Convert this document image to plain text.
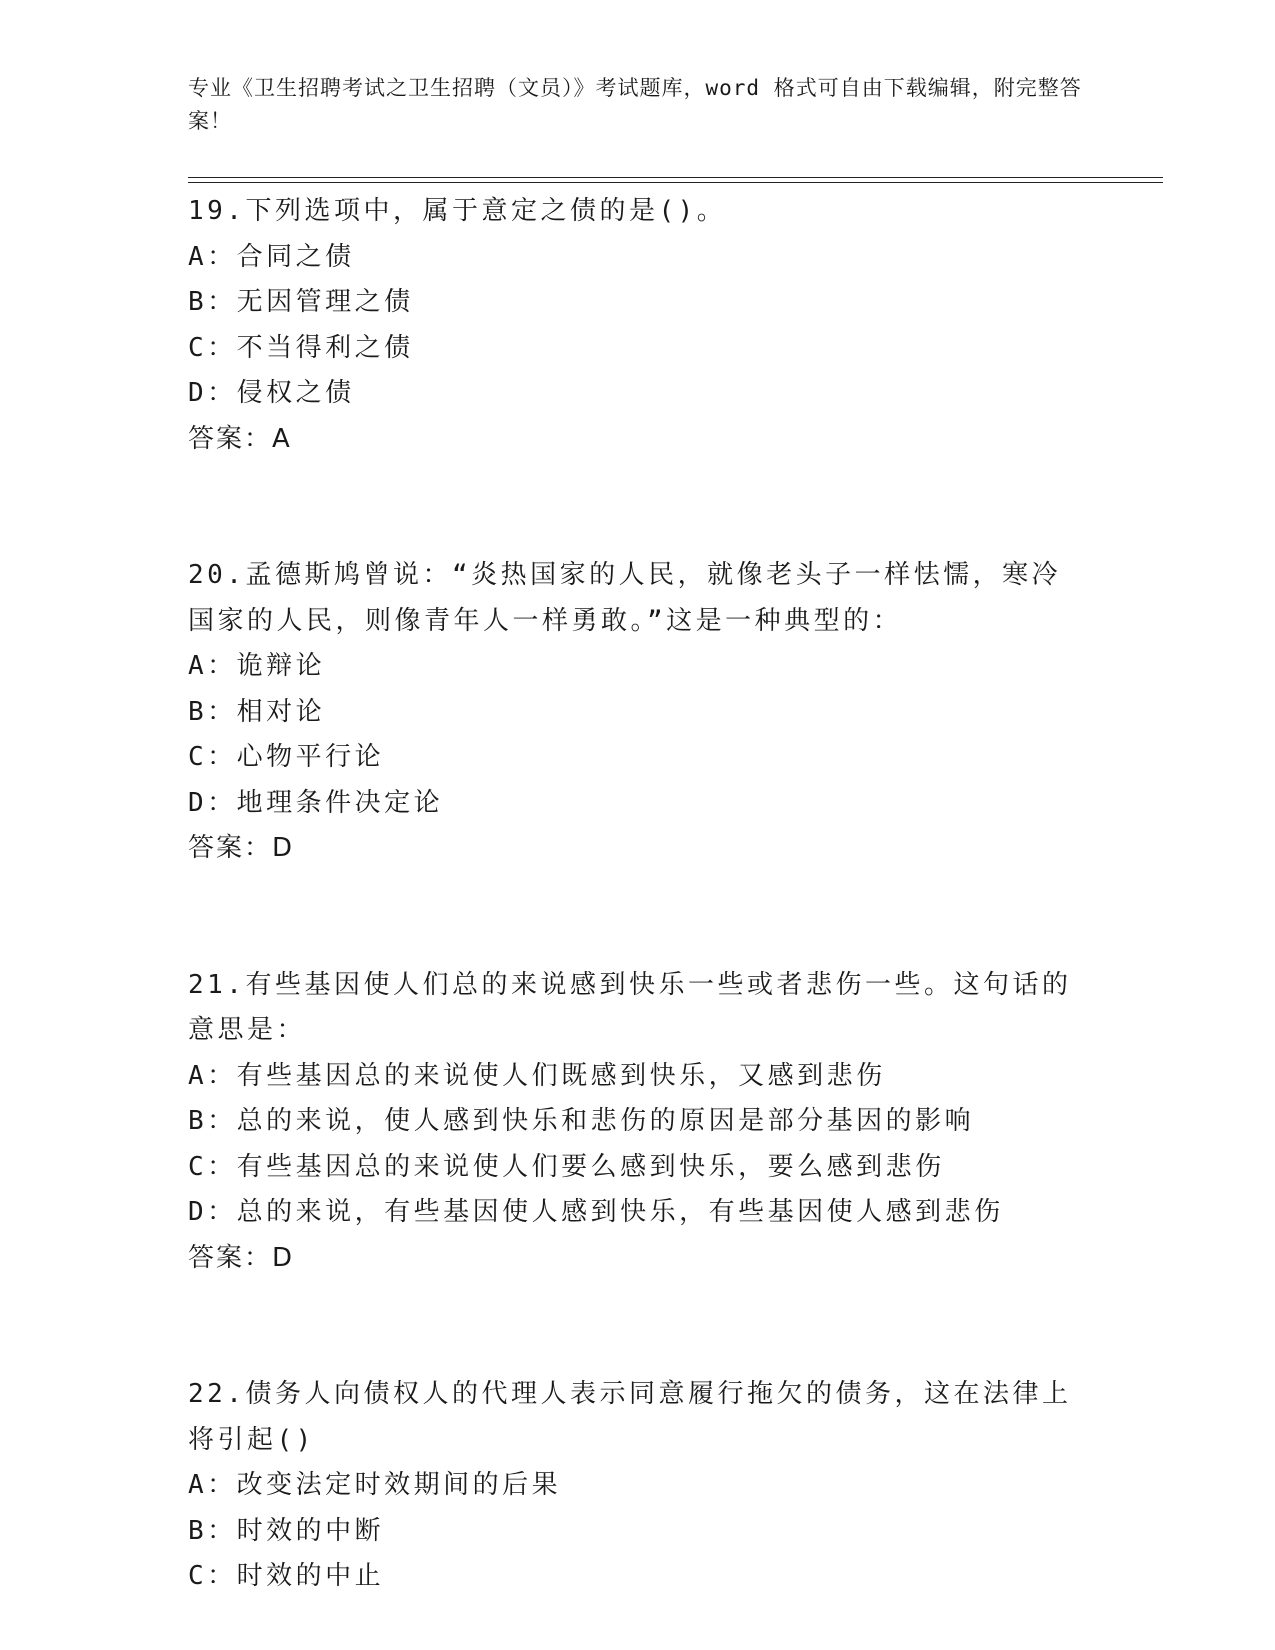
专业《卫生招聘考试之卫生招聘（文员）》考试题库，word 格式可自由下载编辑，附完整答案！

19.下列选项中，属于意定之债的是()。

A：合同之债

B：无因管理之债

C：不当得利之债

D：侵权之债

答案：A

20.孟德斯鸠曾说：“炎热国家的人民，就像老头子一样怯懦，寒冷国家的人民，则像青年人一样勇敢。”这是一种典型的：

A：诡辩论

B：相对论

C：心物平行论

D：地理条件决定论

答案：D

21.有些基因使人们总的来说感到快乐一些或者悲伤一些。这句话的意思是：

A：有些基因总的来说使人们既感到快乐，又感到悲伤

B：总的来说，使人感到快乐和悲伤的原因是部分基因的影响

C：有些基因总的来说使人们要么感到快乐，要么感到悲伤

D：总的来说，有些基因使人感到快乐，有些基因使人感到悲伤

答案：D

22.债务人向债权人的代理人表示同意履行拖欠的债务，这在法律上将引起()

A：改变法定时效期间的后果

B：时效的中断

C：时效的中止
